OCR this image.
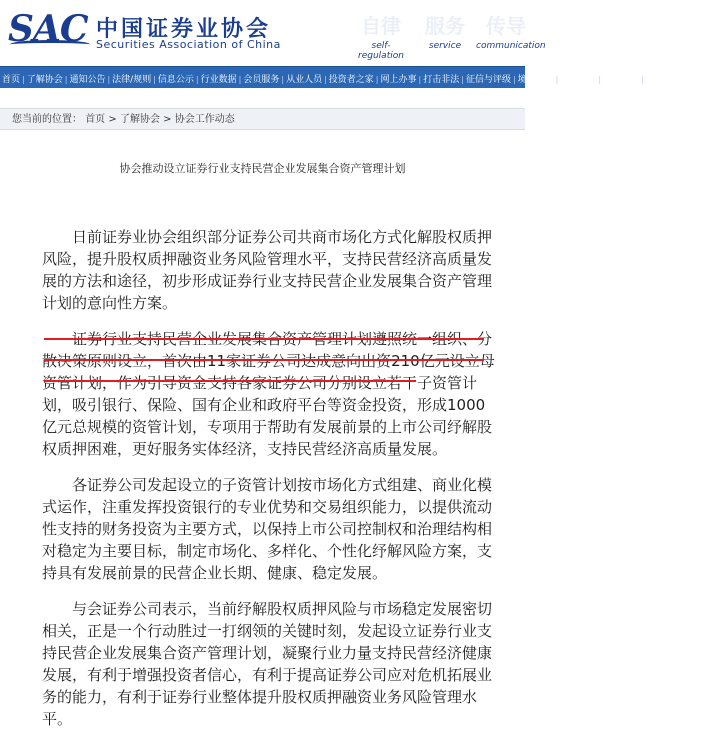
SAC 中国证券业协会
Securities Association of China
自律
self-regulation
服务
service
传导
communication
首页 | 了解协会 | 通知公告 | 法律/规则 | 信息公示 | 行业数据 | 会员服务 | 从业人员 | 投资者之家 | 网上办事 | 打击非法 | 征信与评级 | 境外交流 | 培训中心 | 投诉反映 | 会员在线注册
您当前的位置： 首页 > 了解协会 > 协会工作动态
协会推动设立证券行业支持民营企业发展集合资产管理计划

日前证券业协会组织部分证券公司共商市场化方式化解股权质押风险，提升股权质押融资业务风险管理水平，支持民营经济高质量发展的方法和途径，初步形成证券行业支持民营企业发展集合资产管理计划的意向性方案。

证券行业支持民营企业发展集合资产管理计划遵照统一组织、分散决策原则设立，首次由11家证券公司达成意向出资210亿元设立母资管计划，作为引导资金支持各家证券公司分别设立若干子资管计划，吸引银行、保险、国有企业和政府平台等资金投资，形成1000亿元总规模的资管计划，专项用于帮助有发展前景的上市公司纾解股权质押困难，更好服务实体经济，支持民营经济高质量发展。

各证券公司发起设立的子资管计划按市场化方式组建、商业化模式运作，注重发挥投资银行的专业优势和交易组织能力，以提供流动性支持的财务投资为主要方式，以保持上市公司控制权和治理结构相对稳定为主要目标，制定市场化、多样化、个性化纾解风险方案，支持具有发展前景的民营企业长期、健康、稳定发展。

与会证券公司表示，当前纾解股权质押风险与市场稳定发展密切相关，正是一个行动胜过一打纲领的关键时刻，发起设立证券行业支持民营企业发展集合资产管理计划，凝聚行业力量支持民营经济健康发展，有利于增强投资者信心，有利于提高证券公司应对危机拓展业务的能力，有利于证券行业整体提升股权质押融资业务风险管理水平。
